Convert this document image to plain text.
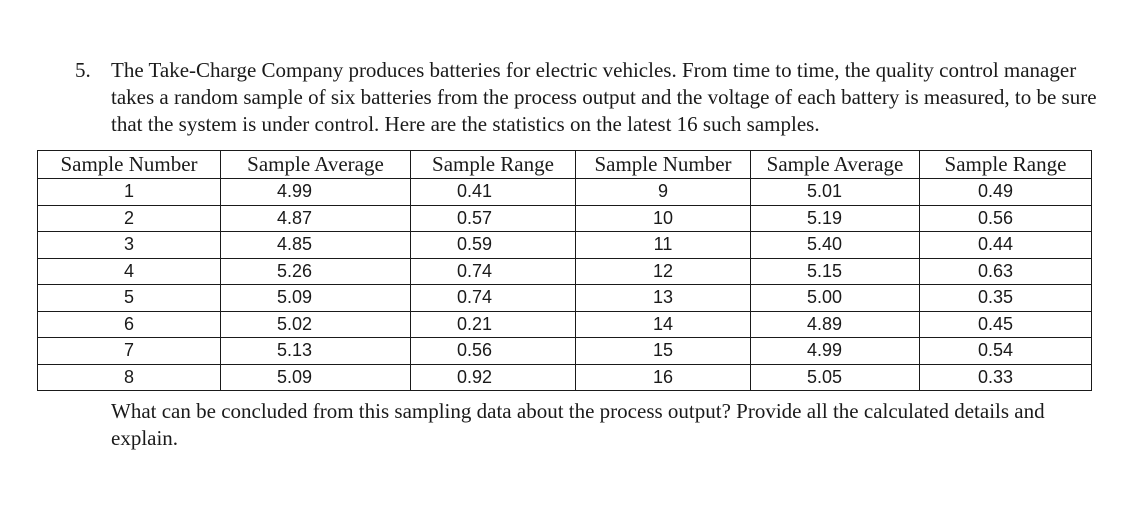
5. The Take-Charge Company produces batteries for electric vehicles. From time to time, the quality control manager takes a random sample of six batteries from the process output and the voltage of each battery is measured, to be sure that the system is under control. Here are the statistics on the latest 16 such samples.
Sample Number	Sample Average	Sample Range	Sample Number	Sample Average	Sample Range
1	4.99	0.41	9	5.01	0.49
2	4.87	0.57	10	5.19	0.56
3	4.85	0.59	11	5.40	0.44
4	5.26	0.74	12	5.15	0.63
5	5.09	0.74	13	5.00	0.35
6	5.02	0.21	14	4.89	0.45
7	5.13	0.56	15	4.99	0.54
8	5.09	0.92	16	5.05	0.33
What can be concluded from this sampling data about the process output? Provide all the calculated details and explain.
